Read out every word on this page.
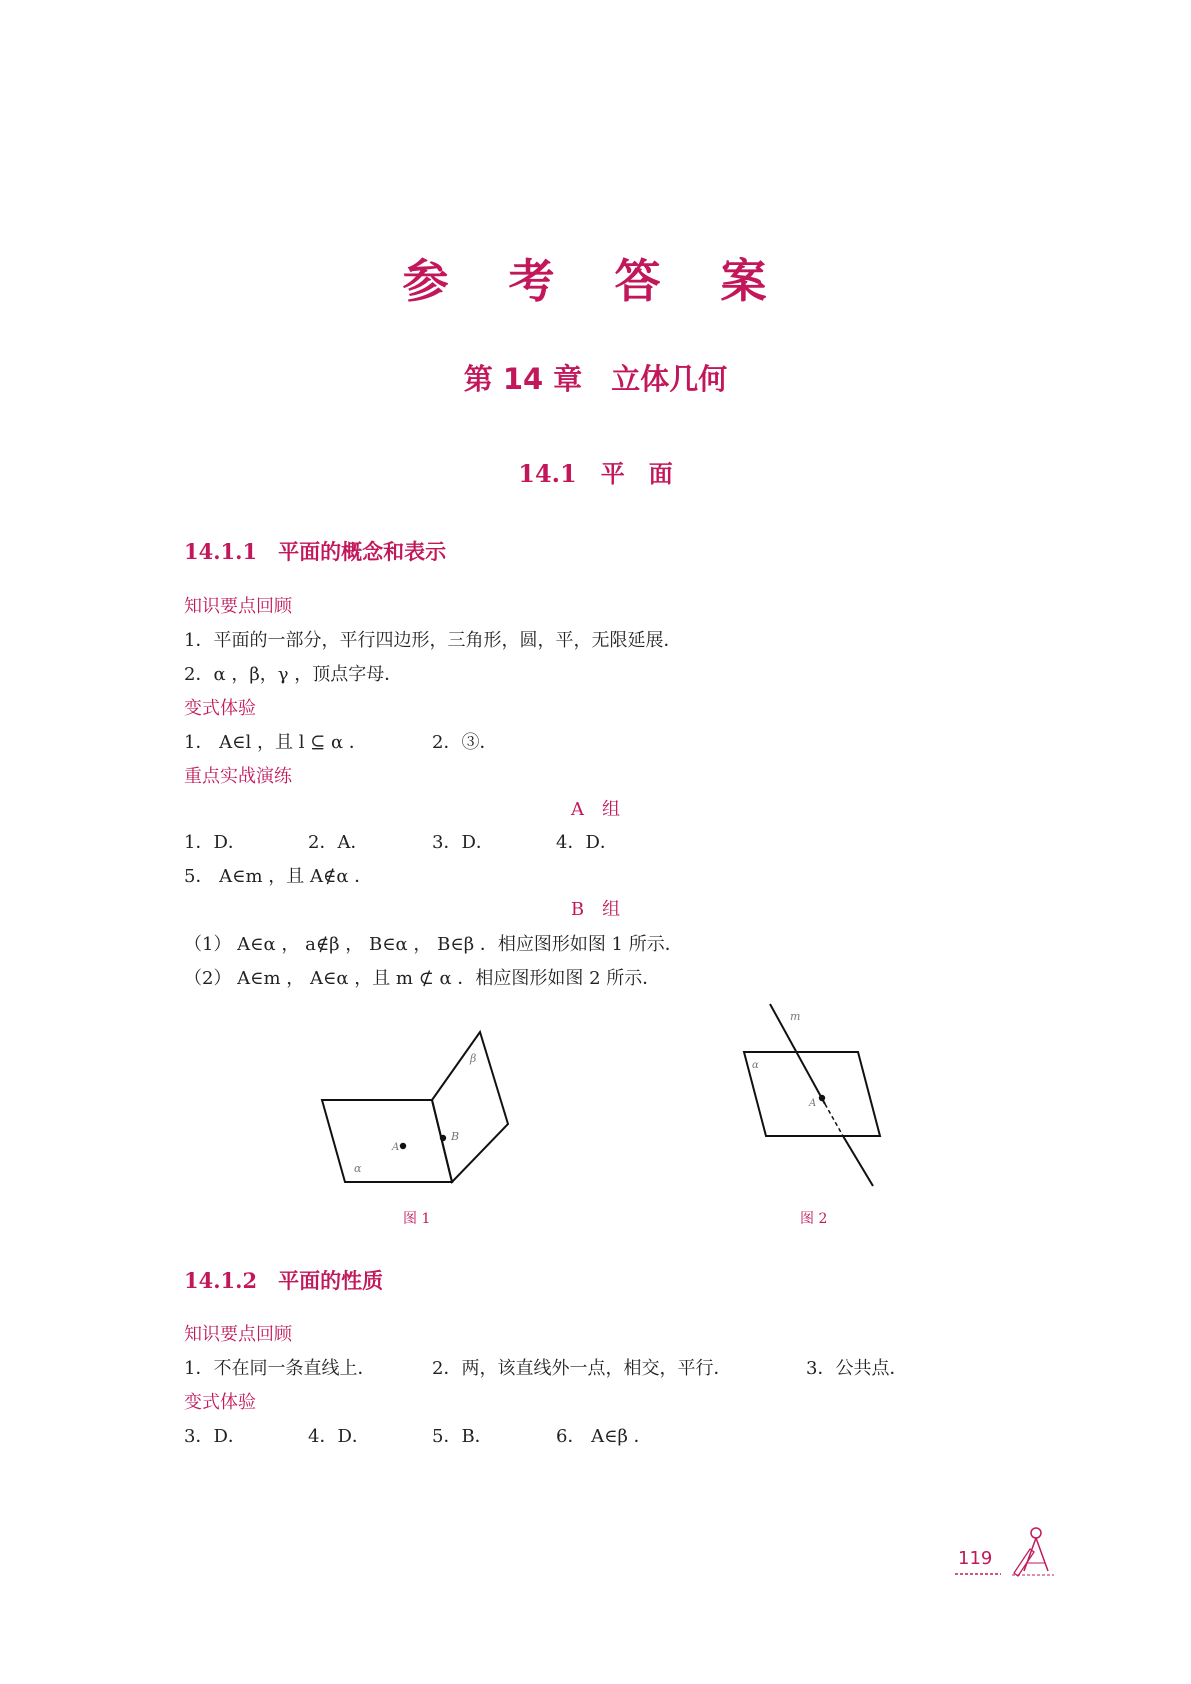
参 考 答 案
第 14 章　立体几何
14.1　平　面
14.1.1　平面的概念和表示
知识要点回顾
1．平面的一部分，平行四边形，三角形，圆，平，无限延展．
2．α ，β，γ ，顶点字母．
变式体验
1． A∈l ，且 l ⊆ α ．	2．③．
重点实战演练
A　组
1．D．	2．A．	3．D．	4．D．
5． A∈m ，且 A∉α ．
B　组
（1） A∈α ， a∉β ， B∈α ， B∈β ．相应图形如图 1 所示．
（2） A∈m ， A∈α ，且 m ⊄ α ．相应图形如图 2 所示．
A
B
α
β
图 1
A
α
m
图 2
14.1.2　平面的性质
知识要点回顾
1．不在同一条直线上．	2．两，该直线外一点，相交，平行．	3．公共点．
变式体验
3．D．	4．D．	5．B．	6． A∈β ．
119
